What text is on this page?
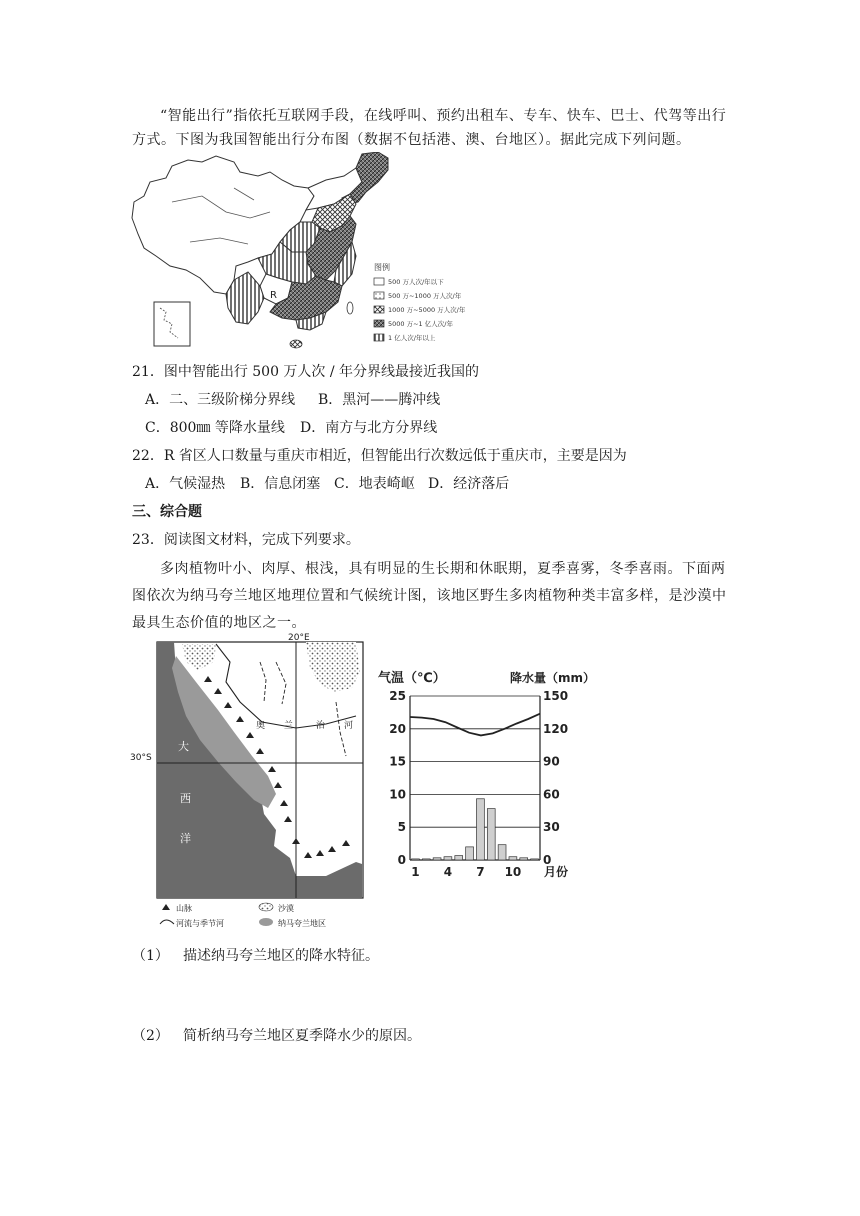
“智能出行”指依托互联网手段，在线呼叫、预约出租车、专车、快车、巴士、代驾等出行方式。下图为我国智能出行分布图（数据不包括港、澳、台地区）。据此完成下列问题。
R
图例
500 万人次/年以下
500 万~1000 万人次/年
1000 万~5000 万人次/年
5000 万~1 亿人次/年
1 亿人次/年以上
21．图中智能出行 500 万人次 / 年分界线最接近我国的
A．二、三级阶梯分界线 B．黑河——腾冲线
C．800㎜ 等降水量线 D．南方与北方分界线
22．R 省区人口数量与重庆市相近，但智能出行次数远低于重庆市，主要是因为
A．气候湿热 B．信息闭塞 C．地表崎岖 D．经济落后
三、综合题
23．阅读图文材料，完成下列要求。
多肉植物叶小、肉厚、根浅，具有明显的生长期和休眠期，夏季喜雾，冬季喜雨。下面两图依次为纳马夸兰地区地理位置和气候统计图，该地区野生多肉植物种类丰富多样，是沙漠中最具生态价值的地区之一。
20°E
大
西
洋
奥 兰	治 河
山脉	沙漠
河流与季节河	纳马夸兰地区
30°S
气温（℃）	降水量（mm）
0
5
10
15
20
25
0
30
60
90
120
150
1 4 7 10 月份
（1） 描述纳马夸兰地区的降水特征。
（2） 简析纳马夸兰地区夏季降水少的原因。
